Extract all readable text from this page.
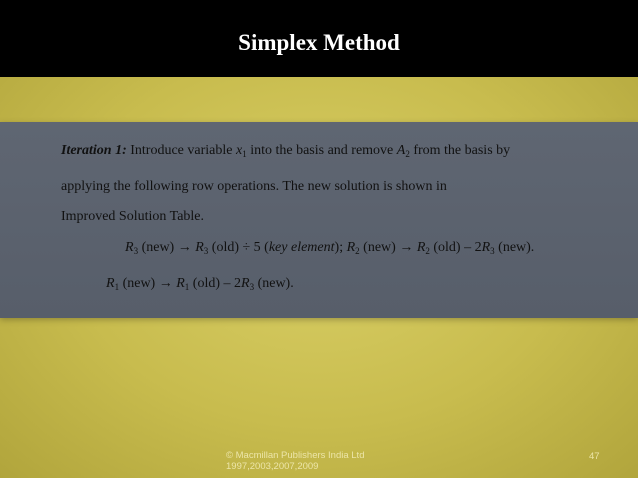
Simplex Method
Iteration 1: Introduce variable $x_1$ into the basis and remove $A_2$ from the basis by
applying the following row operations. The new solution is shown in
Improved Solution Table.
$R_3$ $(new) \to R_3$ (old) ÷ 5 (key element); $R_2$ $(new) \to R_2$ $(old) - 2R_3$ (new).
$R_1$ $(new) \to R_1$ $(old) - 2R_3$ (new).
© Macmillan Publishers India Ltd 1997,2003,2007,2009
47
